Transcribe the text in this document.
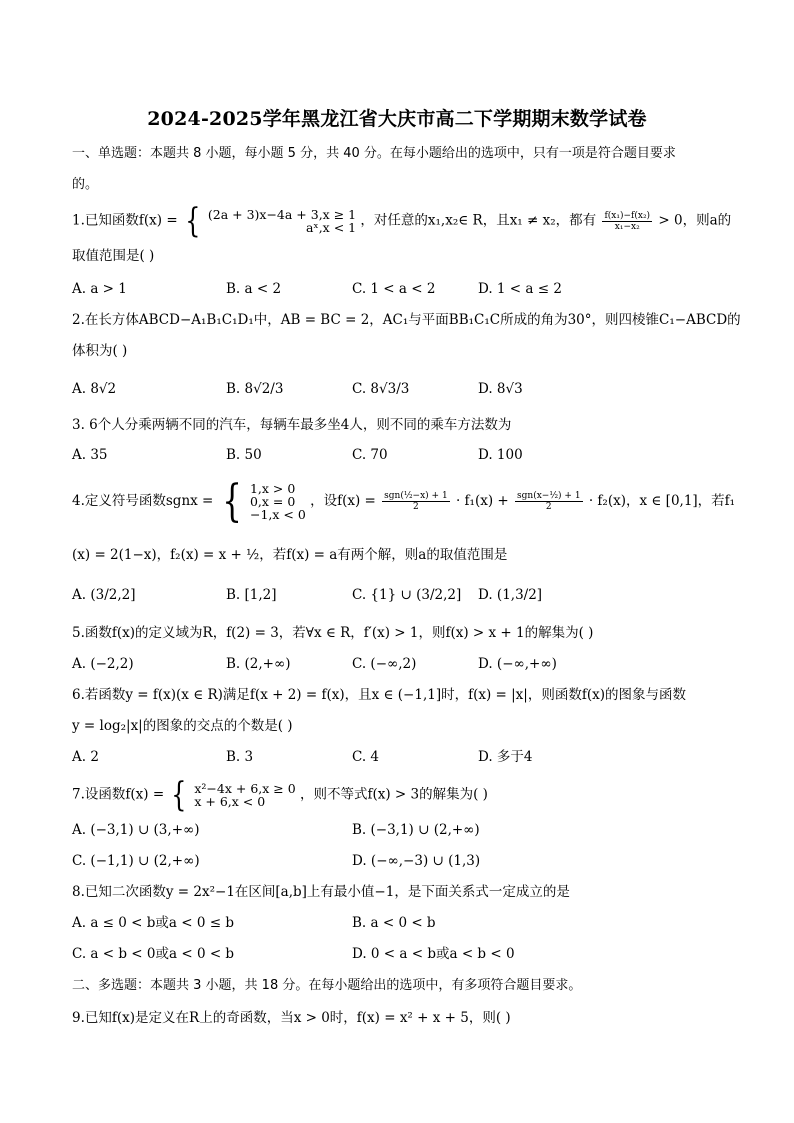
2024-2025学年黑龙江省大庆市高二下学期期末数学试卷
一、单选题：本题共 8 小题，每小题 5 分，共 40 分。在每小题给出的选项中，只有一项是符合题目要求
的。
1.已知函数f(x) = { (2a + 3)x−4a + 3,x ≥ 1
aˣ,x < 1 ，对任意的x₁,x₂∈ R，且x₁ ≠ x₂，都有 $\frac{\text{f(x₁)−f(x₂)}}{\text{x₁−x₂}} > 0$，则a的
取值范围是( )
A. a > 1	B. a < 2	C. 1 < a < 2	D. 1 < a ≤ 2
2.在长方体ABCD−A₁B₁C₁D₁中，AB = BC = 2，AC₁与平面BB₁C₁C所成的角为30°，则四棱锥C₁−ABCD的
体积为( )
A. 8√2	B. 8√2/3	C. 8√3/3	D. 8√3
3. 6个人分乘两辆不同的汽车，每辆车最多坐4人，则不同的乘车方法数为
A. 35	B. 50	C. 70	D. 100
4.定义符号函数sgnx = { 1,x > 0
0,x = 0
−1,x < 0
，设$f(x) = \frac{\text{sgn(½−x) + 1}}{2} \cdot f_1(x) + \frac{\text{sgn(x−½) + 1}}{2} \cdot f_2(x)$，x ∈ [0,1]，若f₁
(x) = 2(1−x)，f₂(x) = x + ½，若f(x) = a有两个解，则a的取值范围是
A. (3/2,2]	B. [1,2]	C. {1} ∪ (3/2,2] D. (1,3/2]
5.函数f(x)的定义域为R，f(2) = 3，若∀x ∈ R，f′(x) > 1，则f(x) > x + 1的解集为( )
A. (−2,2)	B. (2,+∞)	C. (−∞,2)	D. (−∞,+∞)
6.若函数y = f(x)(x ∈ R)满足f(x + 2) = f(x)，且x ∈ (−1,1]时，f(x) = |x|，则函数f(x)的图象与函数
y = log₂|x|的图象的交点的个数是( )
A. 2	B. 3	C. 4	D. 多于4
7.设函数f(x) = { x²−4x + 6,x ≥ 0
x + 6,x < 0	，则不等式f(x) > 3的解集为( )
A. (−3,1) ∪ (3,+∞)	B. (−3,1) ∪ (2,+∞)
C. (−1,1) ∪ (2,+∞)	D. (−∞,−3) ∪ (1,3)
8.已知二次函数y = 2x²−1在区间[a,b]上有最小值−1，是下面关系式一定成立的是
A. a ≤ 0 < b或a < 0 ≤ b	B. a < 0 < b
C. a < b < 0或a < 0 < b	D. 0 < a < b或a < b < 0
二、多选题：本题共 3 小题，共 18 分。在每小题给出的选项中，有多项符合题目要求。
9.已知f(x)是定义在R上的奇函数，当x > 0时，f(x) = x² + x + 5，则( )
